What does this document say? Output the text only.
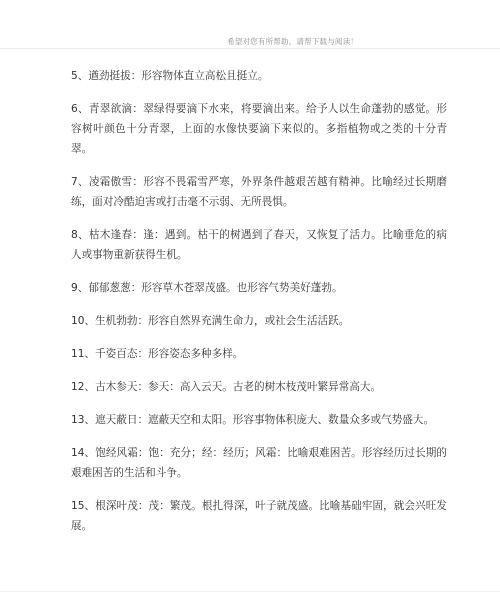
希望对您有所帮助，请帮下载与阅读！

5、遒劲挺拔：形容物体直立高松且挺立。

6、青翠欲滴：翠绿得要滴下水来，将要滴出来。给予人以生命蓬勃的感觉。形容树叶颜色十分青翠，上面的水像快要滴下来似的。多指植物或之类的十分青翠。

7、凌霜傲雪：形容不畏霜雪严寒，外界条件越艰苦越有精神。比喻经过长期磨练，面对冷酷迫害或打击毫不示弱、无所畏惧。

8、枯木逢春：逢：遇到。枯干的树遇到了春天，又恢复了活力。比喻垂危的病人或事物重新获得生机。

9、郁郁葱葱：形容草木苍翠茂盛。也形容气势美好蓬勃。

10、生机勃勃：形容自然界充满生命力，或社会生活活跃。

11、千姿百态：形容姿态多种多样。

12、古木参天：参天：高入云天。古老的树木枝茂叶繁异常高大。

13、遮天蔽日：遮蔽天空和太阳。形容事物体积庞大、数量众多或气势盛大。

14、饱经风霜：饱：充分；经：经历；风霜：比喻艰难困苦。形容经历过长期的艰难困苦的生活和斗争。

15、根深叶茂：茂：繁茂。根扎得深，叶子就茂盛。比喻基础牢固，就会兴旺发展。
